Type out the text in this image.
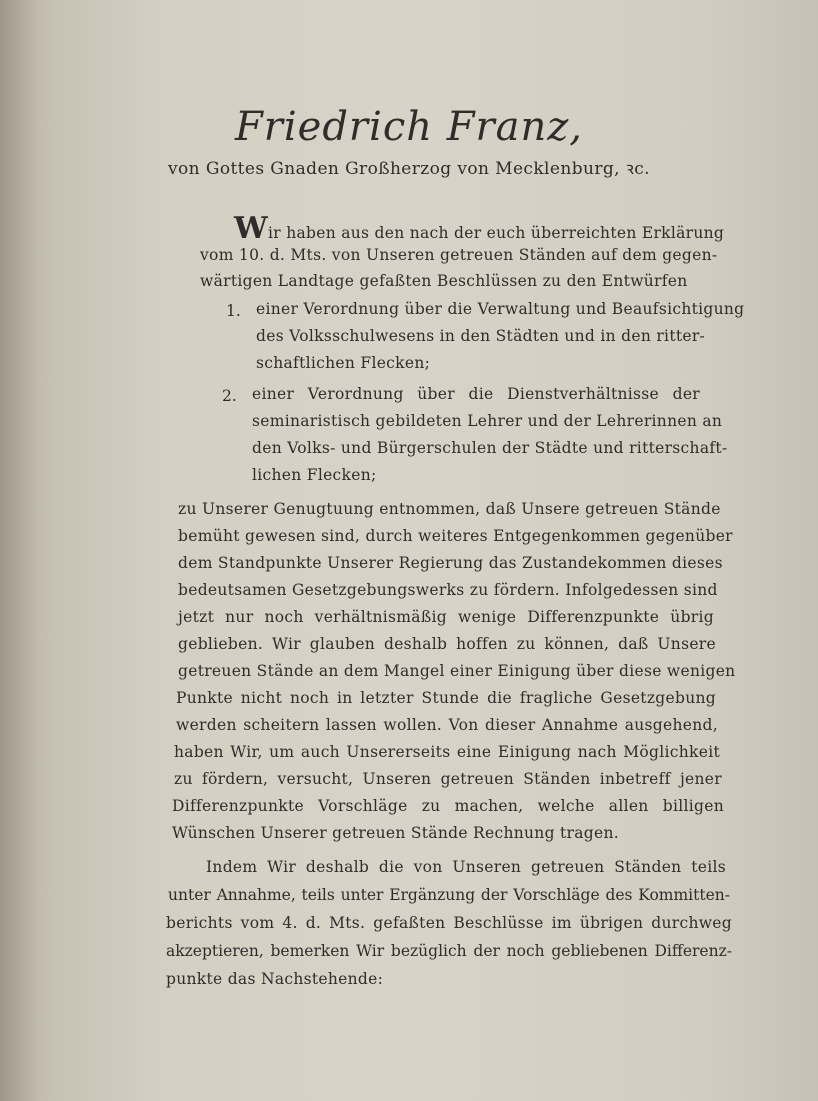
Friedrich Franz,
von Gottes Gnaden Großherzog von Mecklenburg, ꝛc.
Wir haben aus den nach der euch überreichten Erklärung
vom 10. d. Mts. von Unseren getreuen Ständen auf dem gegen-
wärtigen Landtage gefaßten Beschlüssen zu den Entwürfen
1. einer Verordnung über die Verwaltung und Beaufsichtigung
des Volksschulwesens in den Städten und in den ritter-
schaftlichen Flecken;
2. einer Verordnung über die Dienstverhältnisse der
seminaristisch gebildeten Lehrer und der Lehrerinnen an
den Volks- und Bürgerschulen der Städte und ritterschaft-
lichen Flecken;
zu Unserer Genugtuung entnommen, daß Unsere getreuen Stände
bemüht gewesen sind, durch weiteres Entgegenkommen gegenüber
dem Standpunkte Unserer Regierung das Zustandekommen dieses
bedeutsamen Gesetzgebungswerks zu fördern. Infolgedessen sind
jetzt nur noch verhältnismäßig wenige Differenzpunkte übrig
geblieben. Wir glauben deshalb hoffen zu können, daß Unsere
getreuen Stände an dem Mangel einer Einigung über diese wenigen
Punkte nicht noch in letzter Stunde die fragliche Gesetzgebung
werden scheitern lassen wollen. Von dieser Annahme ausgehend,
haben Wir, um auch Unsererseits eine Einigung nach Möglichkeit
zu fördern, versucht, Unseren getreuen Ständen inbetreff jener
Differenzpunkte Vorschläge zu machen, welche allen billigen
Wünschen Unserer getreuen Stände Rechnung tragen.
Indem Wir deshalb die von Unseren getreuen Ständen teils
unter Annahme, teils unter Ergänzung der Vorschläge des Kommitten-
berichts vom 4. d. Mts. gefaßten Beschlüsse im übrigen durchweg
akzeptieren, bemerken Wir bezüglich der noch gebliebenen Differenz-
punkte das Nachstehende:
